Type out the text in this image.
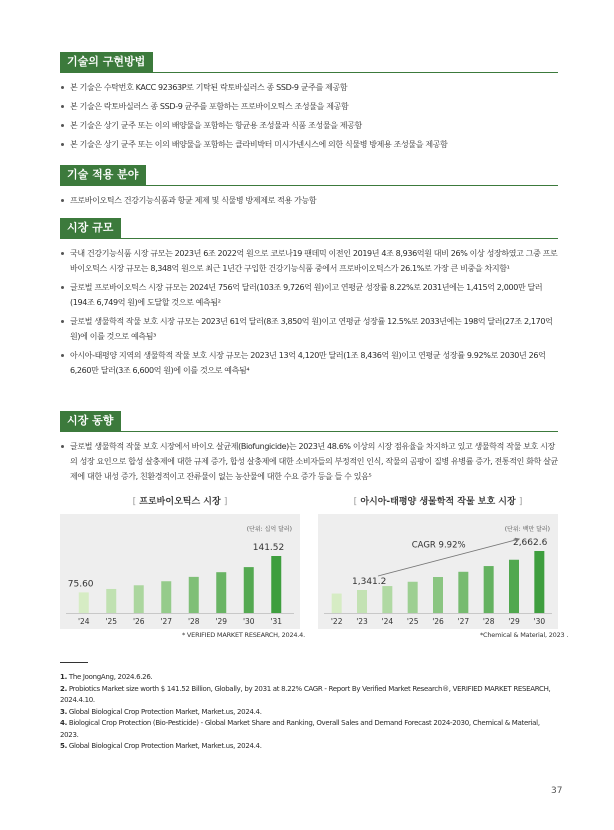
기술의 구현방법
본 기술은 수탁번호 KACC 92363P로 기탁된 락토바실러스 종 SSD-9 균주를 제공함
본 기술은 락토바실러스 종 SSD-9 균주를 포함하는 프로바이오틱스 조성물을 제공함
본 기술은 상기 균주 또는 이의 배양물을 포함하는 항균용 조성물과 식품 조성물을 제공함
본 기술은 상기 균주 또는 이의 배양물을 포함하는 클라비박터 미시가넨시스에 의한 식물병 방제용 조성물을 제공함
기술 적용 분야
프로바이오틱스 건강기능식품과 항균 제제 및 식물병 방제제로 적용 가능함
시장 규모
국내 건강기능식품 시장 규모는 2023년 6조 2022억 원으로 코로나19 팬데믹 이전인 2019년 4조 8,936억원 대비 26% 이상 성장하였고 그중 프로바이오틱스 시장 규모는 8,348억 원으로 최근 1년간 구입한 건강기능식품 중에서 프로바이오틱스가 26.1%로 가장 큰 비중을 차지함¹
글로벌 프로바이오틱스 시장 규모는 2024년 756억 달러(103조 9,726억 원)이고 연평균 성장률 8.22%로 2031년에는 1,415억 2,000만 달러(194조 6,749억 원)에 도달할 것으로 예측됨²
글로벌 생물학적 작물 보호 시장 규모는 2023년 61억 달러(8조 3,850억 원)이고 연평균 성장률 12.5%로 2033년에는 198억 달러(27조 2,170억 원)에 이를 것으로 예측됨³
아시아-태평양 지역의 생물학적 작물 보호 시장 규모는 2023년 13억 4,120만 달러(1조 8,436억 원)이고 연평균 성장률 9.92%로 2030년 26억 6,260만 달러(3조 6,600억 원)에 이를 것으로 예측됨⁴
시장 동향
글로벌 생물학적 작물 보호 시장에서 바이오 살균제(Biofungicide)는 2023년 48.6% 이상의 시장 점유율을 차지하고 있고 생물학적 작물 보호 시장의 성장 요인으로 합성 살충제에 대한 규제 증가, 합성 살충제에 대한 소비자들의 부정적인 인식, 작물의 곰팡이 질병 유병률 증가, 전통적인 화학 살균제에 대한 내성 증가, 친환경적이고 잔류물이 없는 농산물에 대한 수요 증가 등을 들 수 있음⁵
[ 프로바이오틱스 시장 ]
(단위: 십억 달러)
'24 '25 '26 '27 '28 '29 '30 '31
75.60
141.52
* VERIFIED MARKET RESEARCH, 2024.4.
[ 아시아-태평양 생물학적 작물 보호 시장 ]
(단위: 백만 달러)
'22 '23 '24 '25 '26 '27 '28 '29 '30
1,341.2
2,662.6
CAGR 9.92%
*Chemical & Material, 2023 .
1. The JoongAng, 2024.6.26.
2. Probiotics Market size worth $ 141.52 Billion, Globally, by 2031 at 8.22% CAGR - Report By Verified Market Research®, VERIFIED MARKET RESEARCH, 2024.4.10.
3. Global Biological Crop Protection Market, Market.us, 2024.4.
4. Biological Crop Protection (Bio-Pesticide) - Global Market Share and Ranking, Overall Sales and Demand Forecast 2024-2030, Chemical & Material, 2023.
5. Global Biological Crop Protection Market, Market.us, 2024.4.
37
